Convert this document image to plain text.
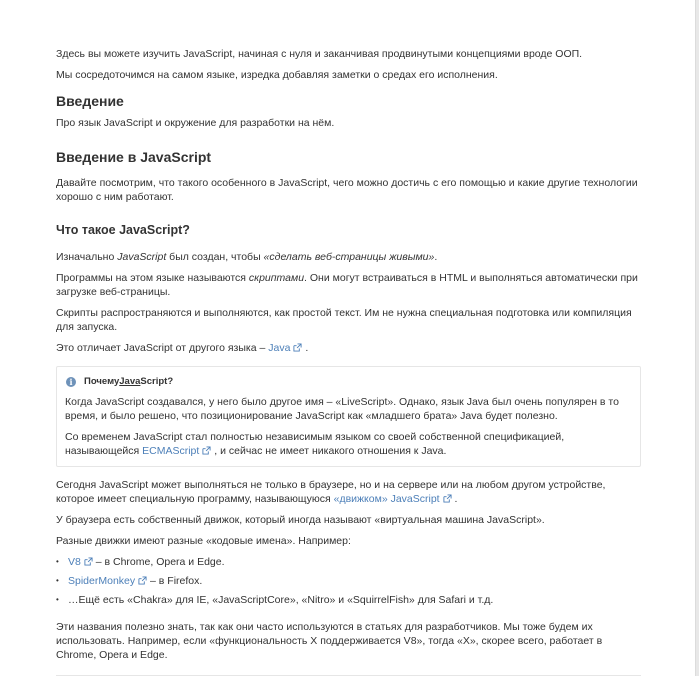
Здесь вы можете изучить JavaScript, начиная с нуля и заканчивая продвинутыми концепциями вроде ООП.

Мы сосредоточимся на самом языке, изредка добавляя заметки о средах его исполнения.

Введение

Про язык JavaScript и окружение для разработки на нём.

Введение в JavaScript

Давайте посмотрим, что такого особенного в JavaScript, чего можно достичь с его помощью и какие другие технологии хорошо с ним работают.

Что такое JavaScript?

Изначально JavaScript был создан, чтобы «сделать веб-страницы живыми».

Программы на этом языке называются скриптами. Они могут встраиваться в HTML и выполняться автоматически при загрузке веб-страницы.

Скрипты распространяются и выполняются, как простой текст. Им не нужна специальная подготовка или компиляция для запуска.

Это отличает JavaScript от другого языка – Java .

i	Почему Java Script?

Когда JavaScript создавался, у него было другое имя – «LiveScript». Однако, язык Java был очень популярен в то время, и было решено, что позиционирование JavaScript как «младшего брата» Java будет полезно.

Со временем JavaScript стал полностью независимым языком со своей собственной спецификацией, называющейся ECMAScript , и сейчас не имеет никакого отношения к Java.

Сегодня JavaScript может выполняться не только в браузере, но и на сервере или на любом другом устройстве, которое имеет специальную программу, называющуюся «движком» JavaScript .

У браузера есть собственный движок, который иногда называют «виртуальная машина JavaScript».

Разные движки имеют разные «кодовые имена». Например:

• V8 – в Chrome, Opera и Edge.
• SpiderMonkey – в Firefox.
• …Ещё есть «Chakra» для IE, «JavaScriptCore», «Nitro» и «SquirrelFish» для Safari и т.д.

Эти названия полезно знать, так как они часто используются в статьях для разработчиков. Мы тоже будем их использовать. Например, если «функциональность X поддерживается V8», тогда «X», скорее всего, работает в Chrome, Opera и Edge.
